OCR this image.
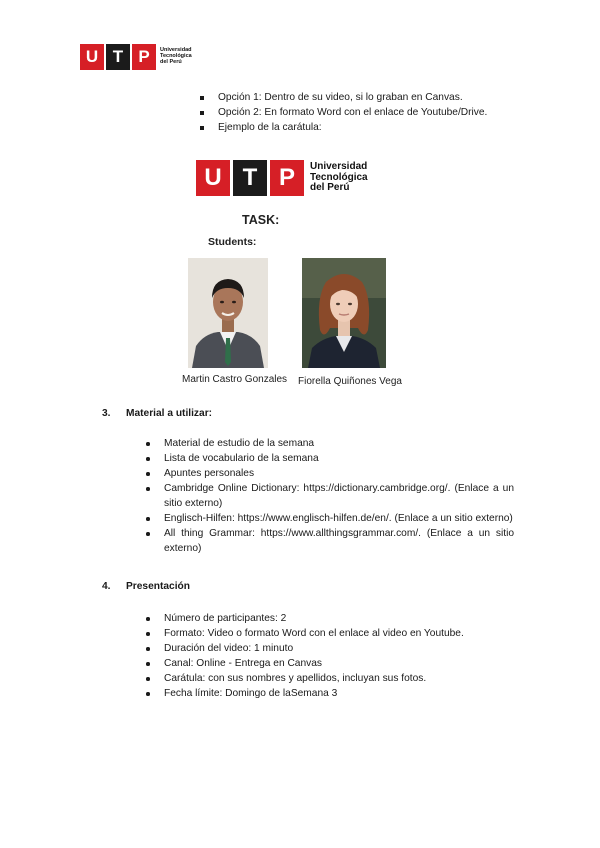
U T P	Universidad
Tecnológica
del Perú
Opción 1: Dentro de su video, si lo graban en Canvas.
Opción 2: En formato Word con el enlace de Youtube/Drive.
Ejemplo de la carátula:
U T P	Universidad
Tecnológica
del Perú
TASK:
Students:
Martin Castro Gonzales Fiorella Quiñones Vega
3. Material a utilizar:
Material de estudio de la semana
Lista de vocabulario de la semana
Apuntes personales
Cambridge Online Dictionary: https://dictionary.cambridge.org/. (Enlace a un sitio externo)
Englisch-Hilfen: https://www.englisch-hilfen.de/en/. (Enlace a un sitio externo)
All thing Grammar: https://www.allthingsgrammar.com/. (Enlace a un sitio externo)
4. Presentación
Número de participantes: 2
Formato: Video o formato Word con el enlace al video en Youtube.
Duración del video: 1 minuto
Canal: Online - Entrega en Canvas
Carátula: con sus nombres y apellidos, incluyan sus fotos.
Fecha límite: Domingo de laSemana 3
